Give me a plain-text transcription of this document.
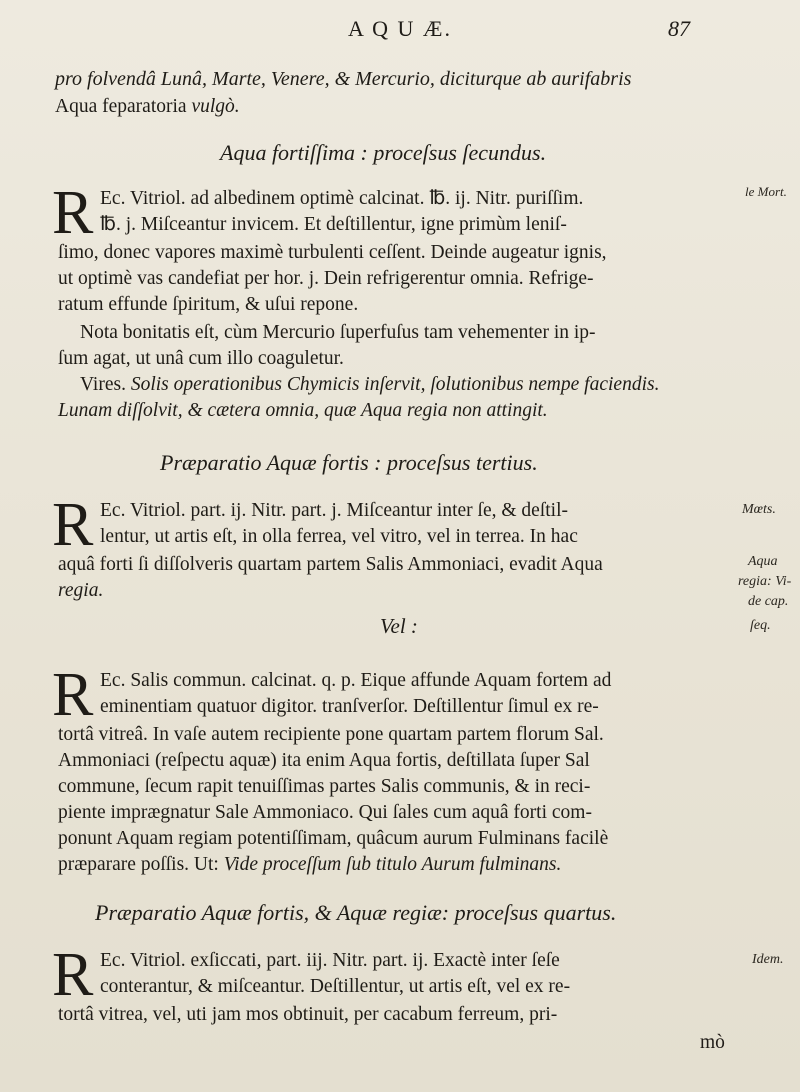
A Q U Æ.	87
pro folvendâ Lunâ, Marte, Venere, & Mercurio, diciturque ab aurifabris
Aqua feparatoria vulgò.
Aqua fortiſſima : proceſsus ſecundus.
R Ec. Vitriol. ad albedinem optimè calcinat. ℔. ij. Nitr. puriſſim.
℔. j. Miſceantur invicem. Et deſtillentur, igne primùm leniſ-
ſimo, donec vapores maximè turbulenti ceſſent. Deinde augeatur ignis,
ut optimè vas candefiat per hor. j. Dein refrigerentur omnia. Refrige-
ratum effunde ſpiritum, & uſui repone.
Nota bonitatis eſt, cùm Mercurio ſuperfuſus tam vehementer in ip-
ſum agat, ut unâ cum illo coaguletur.
Vires. Solis operationibus Chymicis inſervit, ſolutionibus nempe faciendis.
Lunam diſſolvit, & cætera omnia, quæ Aqua regia non attingit.
le Mort.
Præparatio Aquæ fortis : proceſsus tertius.
R Ec. Vitriol. part. ij. Nitr. part. j. Miſceantur inter ſe, & deſtil-
lentur, ut artis eſt, in olla ferrea, vel vitro, vel in terrea. In hac
aquâ forti ſi diſſolveris quartam partem Salis Ammoniaci, evadit Aqua
regia.
Vel :
Mœts.
Aqua
regia: Vi-
de cap.
ſeq.
R Ec. Salis commun. calcinat. q. p. Eique affunde Aquam fortem ad
eminentiam quatuor digitor. tranſverſor. Deſtillentur ſimul ex re-
tortâ vitreâ. In vaſe autem recipiente pone quartam partem florum Sal.
Ammoniaci (reſpectu aquæ) ita enim Aqua fortis, deſtillata ſuper Sal
commune, ſecum rapit tenuiſſimas partes Salis communis, & in reci-
piente imprægnatur Sale Ammoniaco. Qui ſales cum aquâ forti com-
ponunt Aquam regiam potentiſſimam, quâcum aurum Fulminans facilè
præparare poſſis. Ut: Vide proceſſum ſub titulo Aurum fulminans.
Præparatio Aquæ fortis, & Aquæ regiæ: proceſsus quartus.
R Ec. Vitriol. exſiccati, part. iij. Nitr. part. ij. Exactè inter ſeſe
conterantur, & miſceantur. Deſtillentur, ut artis eſt, vel ex re-
tortâ vitrea, vel, uti jam mos obtinuit, per cacabum ferreum, pri-
mò
Idem.
